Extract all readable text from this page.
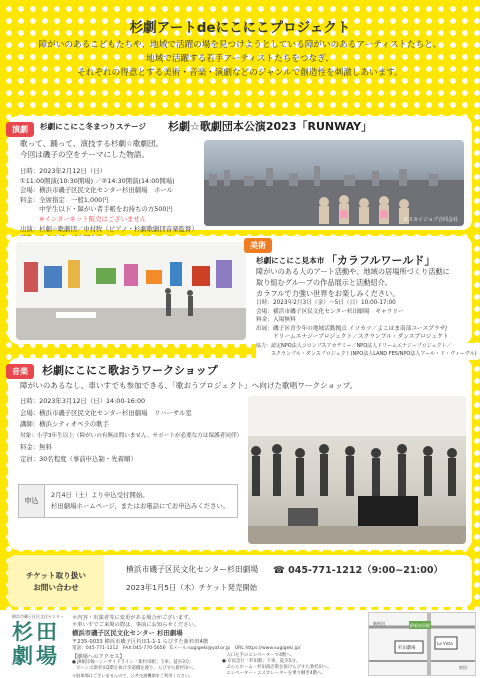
杉劇アートdeにこにこプロジェクト

障がいのあるこどもたちや、地域で活躍の場を見つけようとしている障がいのあるアーティストたちと、

地域で活躍する若手アーティストたちをつなぎ、

それぞれの得意とする美術・音楽・演劇などのジャンルで創造性を刺激しあいます。

演劇	杉劇にこにこ冬まつりステージ 杉劇☆歌劇団本公演2023「RUNWAY」
歌って、踊って、演技する杉劇☆歌劇団。
今回は磯子の空をテーマにした物語。
日時：2023年2月12日（日）
①11:00開演(10:30開場) ／②14:30開演(14:00開場)
会場：横浜市磯子区民文化センター杉田劇場　ホール
料金：全席指定　一般1,000円
　　　中学生以下・障がい者手帳をお持ちの方500円
　　　※インターネット販売はございません
出演：杉劇☆歌劇団／中村牧（ピアノ・杉劇歌劇団音楽監督）
©スカイジョブ合同会社
美術
杉劇にこにこ見本市 「カラフルワールド」
障がいのある人のアート活動や、地域の居場所づくり活動に
取り組むグループの作品展示と活動紹介。
カラフルで力強い世界をお楽しみください。
日時：2023年2月3日（金）～5日（日）10:00-17:00
会場：横浜市磯子区民文化センター杉田劇場　ギャラリー
料金：入場無料
出展：磯子区青少年の地域活動拠点 イソカツ／よこはま南部ユースプラザ/
　　　ドリームエナジープロジェクト／スクランブル・ダンスプロジェクト
協力：認定NPO法人コロンブスアカデミー／NPO法人ドリームエナジープロジェクト／
　　　スクランブル・ダンスプロジェクト(NPO法人LAND FES/NPO法人アール・ド・ヴィーヴル)
音楽	杉劇にこにこ歌おうワークショップ
障がいのあるなし、車いすでも参加できる、「歌おうプロジェクト」へ向けた歌唱ワークショップ。
日時：2023年3月12日（日）14:00-16:00
会場：横浜市磯子区民文化センター杉田劇場　リハーサル室
講師：横浜シティオペラの歌手
対象：小学3年生以上（障がいの有無は問いません。サポートが必要な方は保護者同伴）
料金：無料
定員：30名程度（事前申込制・先着順）
申込
2月4日（土）より申込受付開始。
杉田劇場ホームページ、またはお電話にてお申込みください。
チケット取り扱い
お問い合わせ
横浜市磯子区民文化センター杉田劇場 ☎ 045-771-1212（9:00~21:00）
2023年1月5日（木）チケット発売開始
横浜市磯子区民文化センター
杉 田
劇 場
＊内容・出演者等に変更がある場合がございます。
＊車いすでご来場の際は、事前にお知らせください。
横浜市磯子区民文化センター 杉田劇場
〒235-0033 横浜市磯子区杉田1-1-1 らびすた新杉田4階
電話：045-771-1212　FAX:045-770-5656　Eメール:sugigeki@yaf.or.jp　URL https://www.sugigeki.jp/
【劇場へのアクセス】
● JR根岸線・シーサイドライン「新杉田駅」下車、徒歩3分。
　ビーンズ新杉田2階を抜け歩道橋を渡り、らびすた新杉田へ。
　入口左手のエレベーターで4階へ。
● 京浜急行「杉田駅」下車、徒歩5分。
　ぷららホーム・杉田商店街を抜けらびすた新杉田へ。
　エレベーター・エスカレーターを乗り継ぎ4階へ。
＊駐車場はございませんので、公共交通機関をご利用ください。
JR新杉田駅
杉田劇場
La Vista
新杉田
杉田
